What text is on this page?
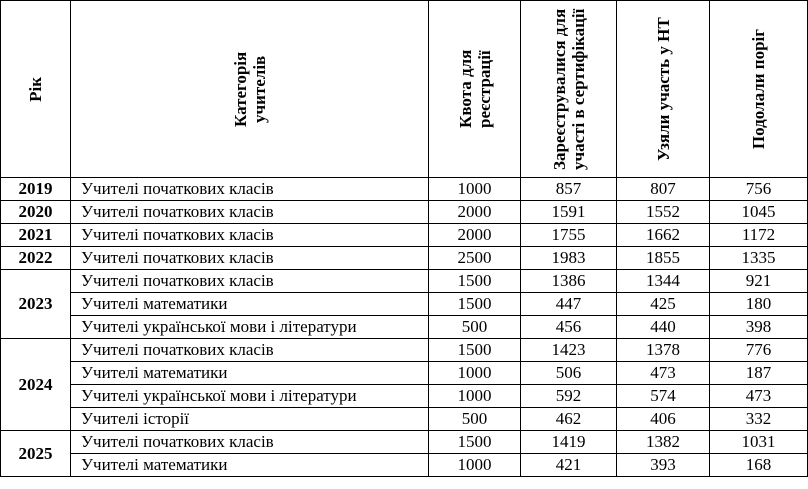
Рік	Категорія учителів	Квота для реєстрації	Зареєструвалися для участі в сертифікації	Узяли участь у НТ	Подолали поріг

2019	Учителі початкових класів	1000	857	807	756
2020	Учителі початкових класів	2000	1591	1552	1045
2021	Учителі початкових класів	2000	1755	1662	1172
2022	Учителі початкових класів	2500	1983	1855	1335
2023	Учителі початкових класів	1500	1386	1344	921
	Учителі математики	1500	447	425	180
	Учителі української мови і літератури	500	456	440	398
2024	Учителі початкових класів	1500	1423	1378	776
	Учителі математики	1000	506	473	187
	Учителі української мови і літератури	1000	592	574	473
	Учителі історії	500	462	406	332
2025	Учителі початкових класів	1500	1419	1382	1031
	Учителі математики	1000	421	393	168
